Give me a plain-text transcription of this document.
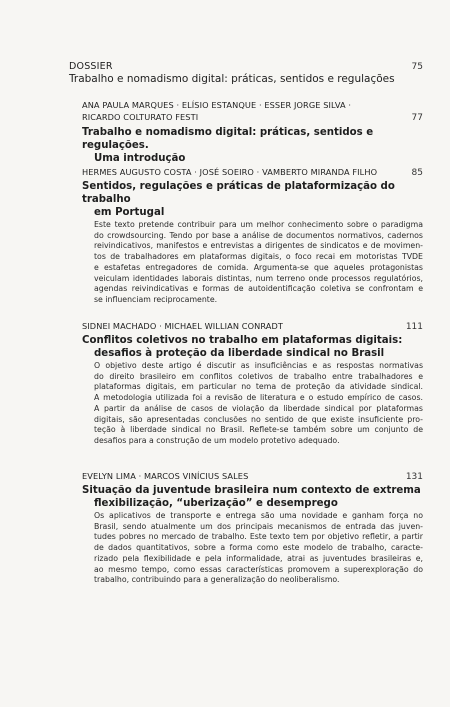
DOSSIER	75
Trabalho e nomadismo digital: práticas, sentidos e regulações
ANA PAULA MARQUES · ELÍSIO ESTANQUE · ESSER JORGE SILVA ·
RICARDO COLTURATO FESTI	77
Trabalho e nomadismo digital: práticas, sentidos e regulações.
Uma introdução
HERMES AUGUSTO COSTA · JOSÉ SOEIRO · VAMBERTO MIRANDA FILHO	85
Sentidos, regulações e práticas de plataformização do trabalho
em Portugal
Este texto pretende contribuir para um melhor conhecimento sobre o paradigma
do crowdsourcing. Tendo por base a análise de documentos normativos, cadernos
reivindicativos, manifestos e entrevistas a dirigentes de sindicatos e de movimen-
tos de trabalhadores em plataformas digitais, o foco recai em motoristas TVDE
e estafetas entregadores de comida. Argumenta-se que aqueles protagonistas
veiculam identidades laborais distintas, num terreno onde processos regulatórios,
agendas reivindicativas e formas de autoidentificação coletiva se confrontam e
se influenciam reciprocamente.
SIDNEI MACHADO · MICHAEL WILLIAN CONRADT	111
Conflitos coletivos no trabalho em plataformas digitais:
desafios à proteção da liberdade sindical no Brasil
O objetivo deste artigo é discutir as insuficiências e as respostas normativas
do direito brasileiro em conflitos coletivos de trabalho entre trabalhadores e
plataformas digitais, em particular no tema de proteção da atividade sindical.
A metodologia utilizada foi a revisão de literatura e o estudo empírico de casos.
A partir da análise de casos de violação da liberdade sindical por plataformas
digitais, são apresentadas conclusões no sentido de que existe insuficiente pro-
teção à liberdade sindical no Brasil. Reflete-se também sobre um conjunto de
desafios para a construção de um modelo protetivo adequado.
EVELYN LIMA · MARCOS VINÍCIUS SALES	131
Situação da juventude brasileira num contexto de extrema
flexibilização, “uberização” e desemprego
Os aplicativos de transporte e entrega são uma novidade e ganham força no
Brasil, sendo atualmente um dos principais mecanismos de entrada das juven-
tudes pobres no mercado de trabalho. Este texto tem por objetivo refletir, a partir
de dados quantitativos, sobre a forma como este modelo de trabalho, caracte-
rizado pela flexibilidade e pela informalidade, atrai as juventudes brasileiras e,
ao mesmo tempo, como essas características promovem a superexploração do
trabalho, contribuindo para a generalização do neoliberalismo.
